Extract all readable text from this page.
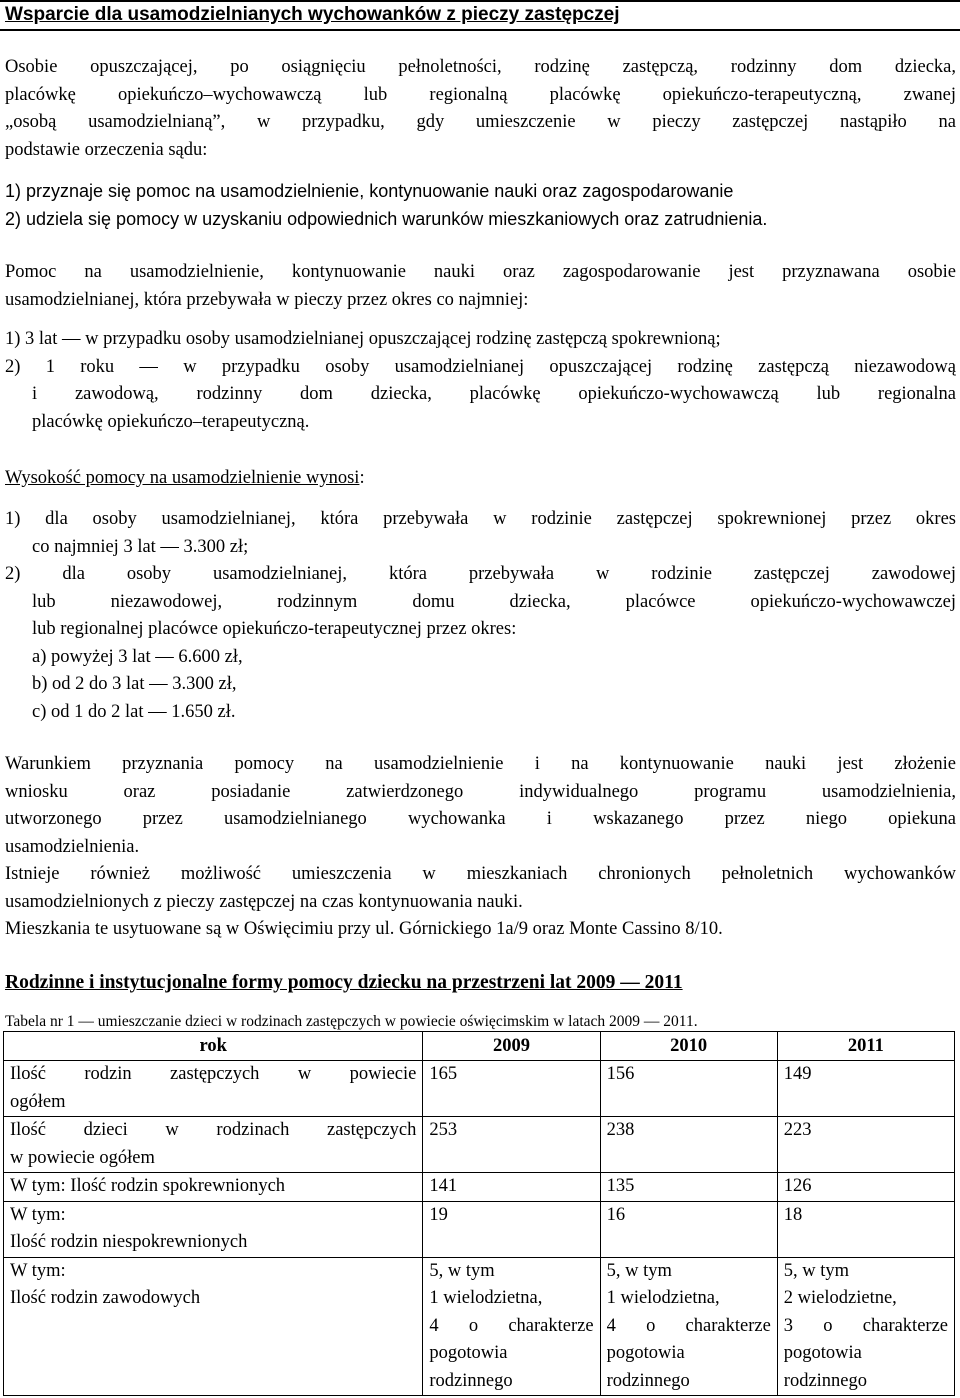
Wsparcie dla usamodzielnianych wychowanków z pieczy zastępczej
Osobie opuszczającej, po osiągnięciu pełnoletności, rodzinę zastępczą, rodzinny dom dziecka,
placówkę opiekuńczo–wychowawczą lub regionalną placówkę opiekuńczo-terapeutyczną, zwanej
„osobą usamodzielnianą”, w przypadku, gdy umieszczenie w pieczy zastępczej nastąpiło na
podstawie orzeczenia sądu:
1) przyznaje się pomoc na usamodzielnienie, kontynuowanie nauki oraz zagospodarowanie
2) udziela się pomocy w uzyskaniu odpowiednich warunków mieszkaniowych oraz zatrudnienia.
Pomoc na usamodzielnienie, kontynuowanie nauki oraz zagospodarowanie jest przyznawana osobie
usamodzielnianej, która przebywała w pieczy przez okres co najmniej:
1) 3 lat — w przypadku osoby usamodzielnianej opuszczającej rodzinę zastępczą spokrewnioną;
2) 1 roku — w przypadku osoby usamodzielnianej opuszczającej rodzinę zastępczą niezawodową
i zawodową, rodzinny dom dziecka, placówkę opiekuńczo-wychowawczą lub regionalna
placówkę opiekuńczo–terapeutyczną.
Wysokość pomocy na usamodzielnienie wynosi:
1) dla osoby usamodzielnianej, która przebywała w rodzinie zastępczej spokrewnionej przez okres
co najmniej 3 lat — 3.300 zł;
2) dla osoby usamodzielnianej, która przebywała w rodzinie zastępczej zawodowej
lub niezawodowej, rodzinnym domu dziecka, placówce opiekuńczo-wychowawczej
lub regionalnej placówce opiekuńczo-terapeutycznej przez okres:
a) powyżej 3 lat — 6.600 zł,
b) od 2 do 3 lat — 3.300 zł,
c) od 1 do 2 lat — 1.650 zł.
Warunkiem przyznania pomocy na usamodzielnienie i na kontynuowanie nauki jest złożenie
wniosku oraz posiadanie zatwierdzonego indywidualnego programu usamodzielnienia,
utworzonego przez usamodzielnianego wychowanka i wskazanego przez niego opiekuna
usamodzielnienia.
Istnieje również możliwość umieszczenia w mieszkaniach chronionych pełnoletnich wychowanków
usamodzielnionych z pieczy zastępczej na czas kontynuowania nauki.
Mieszkania te usytuowane są w Oświęcimiu przy ul. Górnickiego 1a/9 oraz Monte Cassino 8/10.
Rodzinne i instytucjonalne formy pomocy dziecku na przestrzeni lat 2009 — 2011
Tabela nr 1 — umieszczanie dzieci w rodzinach zastępczych w powiecie oświęcimskim w latach 2009 — 2011.
rok	2009	2010	2011

Ilość rodzin zastępczych w powiecie
ogółem	165	156	149

Ilość dzieci w rodzinach zastępczych
w powiecie ogółem	253	238	223

W tym: Ilość rodzin spokrewnionych	141	135	126

W tym:
Ilość rodzin niespokrewnionych	19	16	18

W tym:
Ilość rodzin zawodowych	5, w tym
1 wielodzietna,
4 o charakterze
pogotowia
rodzinnego	5, w tym
1 wielodzietna,
4 o charakterze
pogotowia
rodzinnego	5, w tym
2 wielodzietne,
3 o charakterze
pogotowia
rodzinnego
